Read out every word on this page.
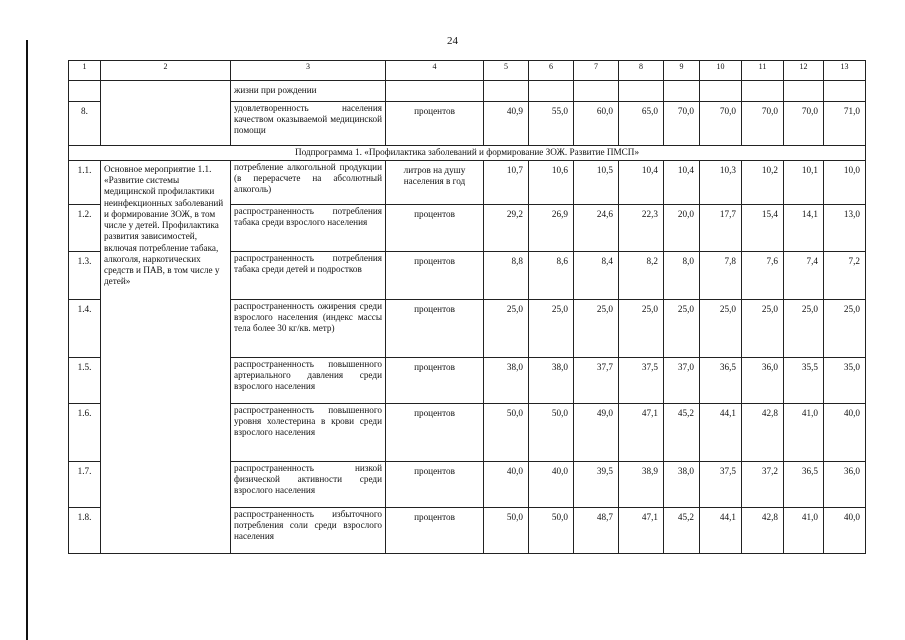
24
1	2	3	4	5	6	7	8	9	10	11	12	13
		жизни при рождении										
8.		удовлетворенность населения качеством оказываемой медицинской помощи	процентов	40,9	55,0	60,0	65,0	70,0	70,0	70,0	70,0	71,0
Подпрограмма 1. «Профилактика заболеваний и формирование ЗОЖ. Развитие ПМСП»												
1.1.	Основное мероприятие 1.1. «Развитие системы медицинской профилактики неинфекционных заболеваний и формирование ЗОЖ, в том числе у детей. Профилактика развития зависимостей, включая потребление табака, алкоголя, наркотических средств и ПАВ, в том числе у детей»	потребление алкогольной продукции (в перерасчете на абсолютный алкоголь)	литров на душу населения в год	10,7	10,6	10,5	10,4	10,4	10,3	10,2	10,1	10,0
1.2.		распространенность потребления табака среди взрослого населения	процентов	29,2	26,9	24,6	22,3	20,0	17,7	15,4	14,1	13,0
1.3.		распространенность потребления табака среди детей и подростков	процентов	8,8	8,6	8,4	8,2	8,0	7,8	7,6	7,4	7,2
1.4.		распространенность ожирения среди взрослого населения (индекс массы тела более 30 кг/кв. метр)	процентов	25,0	25,0	25,0	25,0	25,0	25,0	25,0	25,0	25,0
1.5.		распространенность повышенного артериального давления среди взрослого населения	процентов	38,0	38,0	37,7	37,5	37,0	36,5	36,0	35,5	35,0
1.6.		распространенность повышенного уровня холестерина в крови среди взрослого населения	процентов	50,0	50,0	49,0	47,1	45,2	44,1	42,8	41,0	40,0
1.7.		распространенность низкой физической активности среди взрослого населения	процентов	40,0	40,0	39,5	38,9	38,0	37,5	37,2	36,5	36,0
1.8.		распространенность избыточного потребления соли среди взрослого населения	процентов	50,0	50,0	48,7	47,1	45,2	44,1	42,8	41,0	40,0
